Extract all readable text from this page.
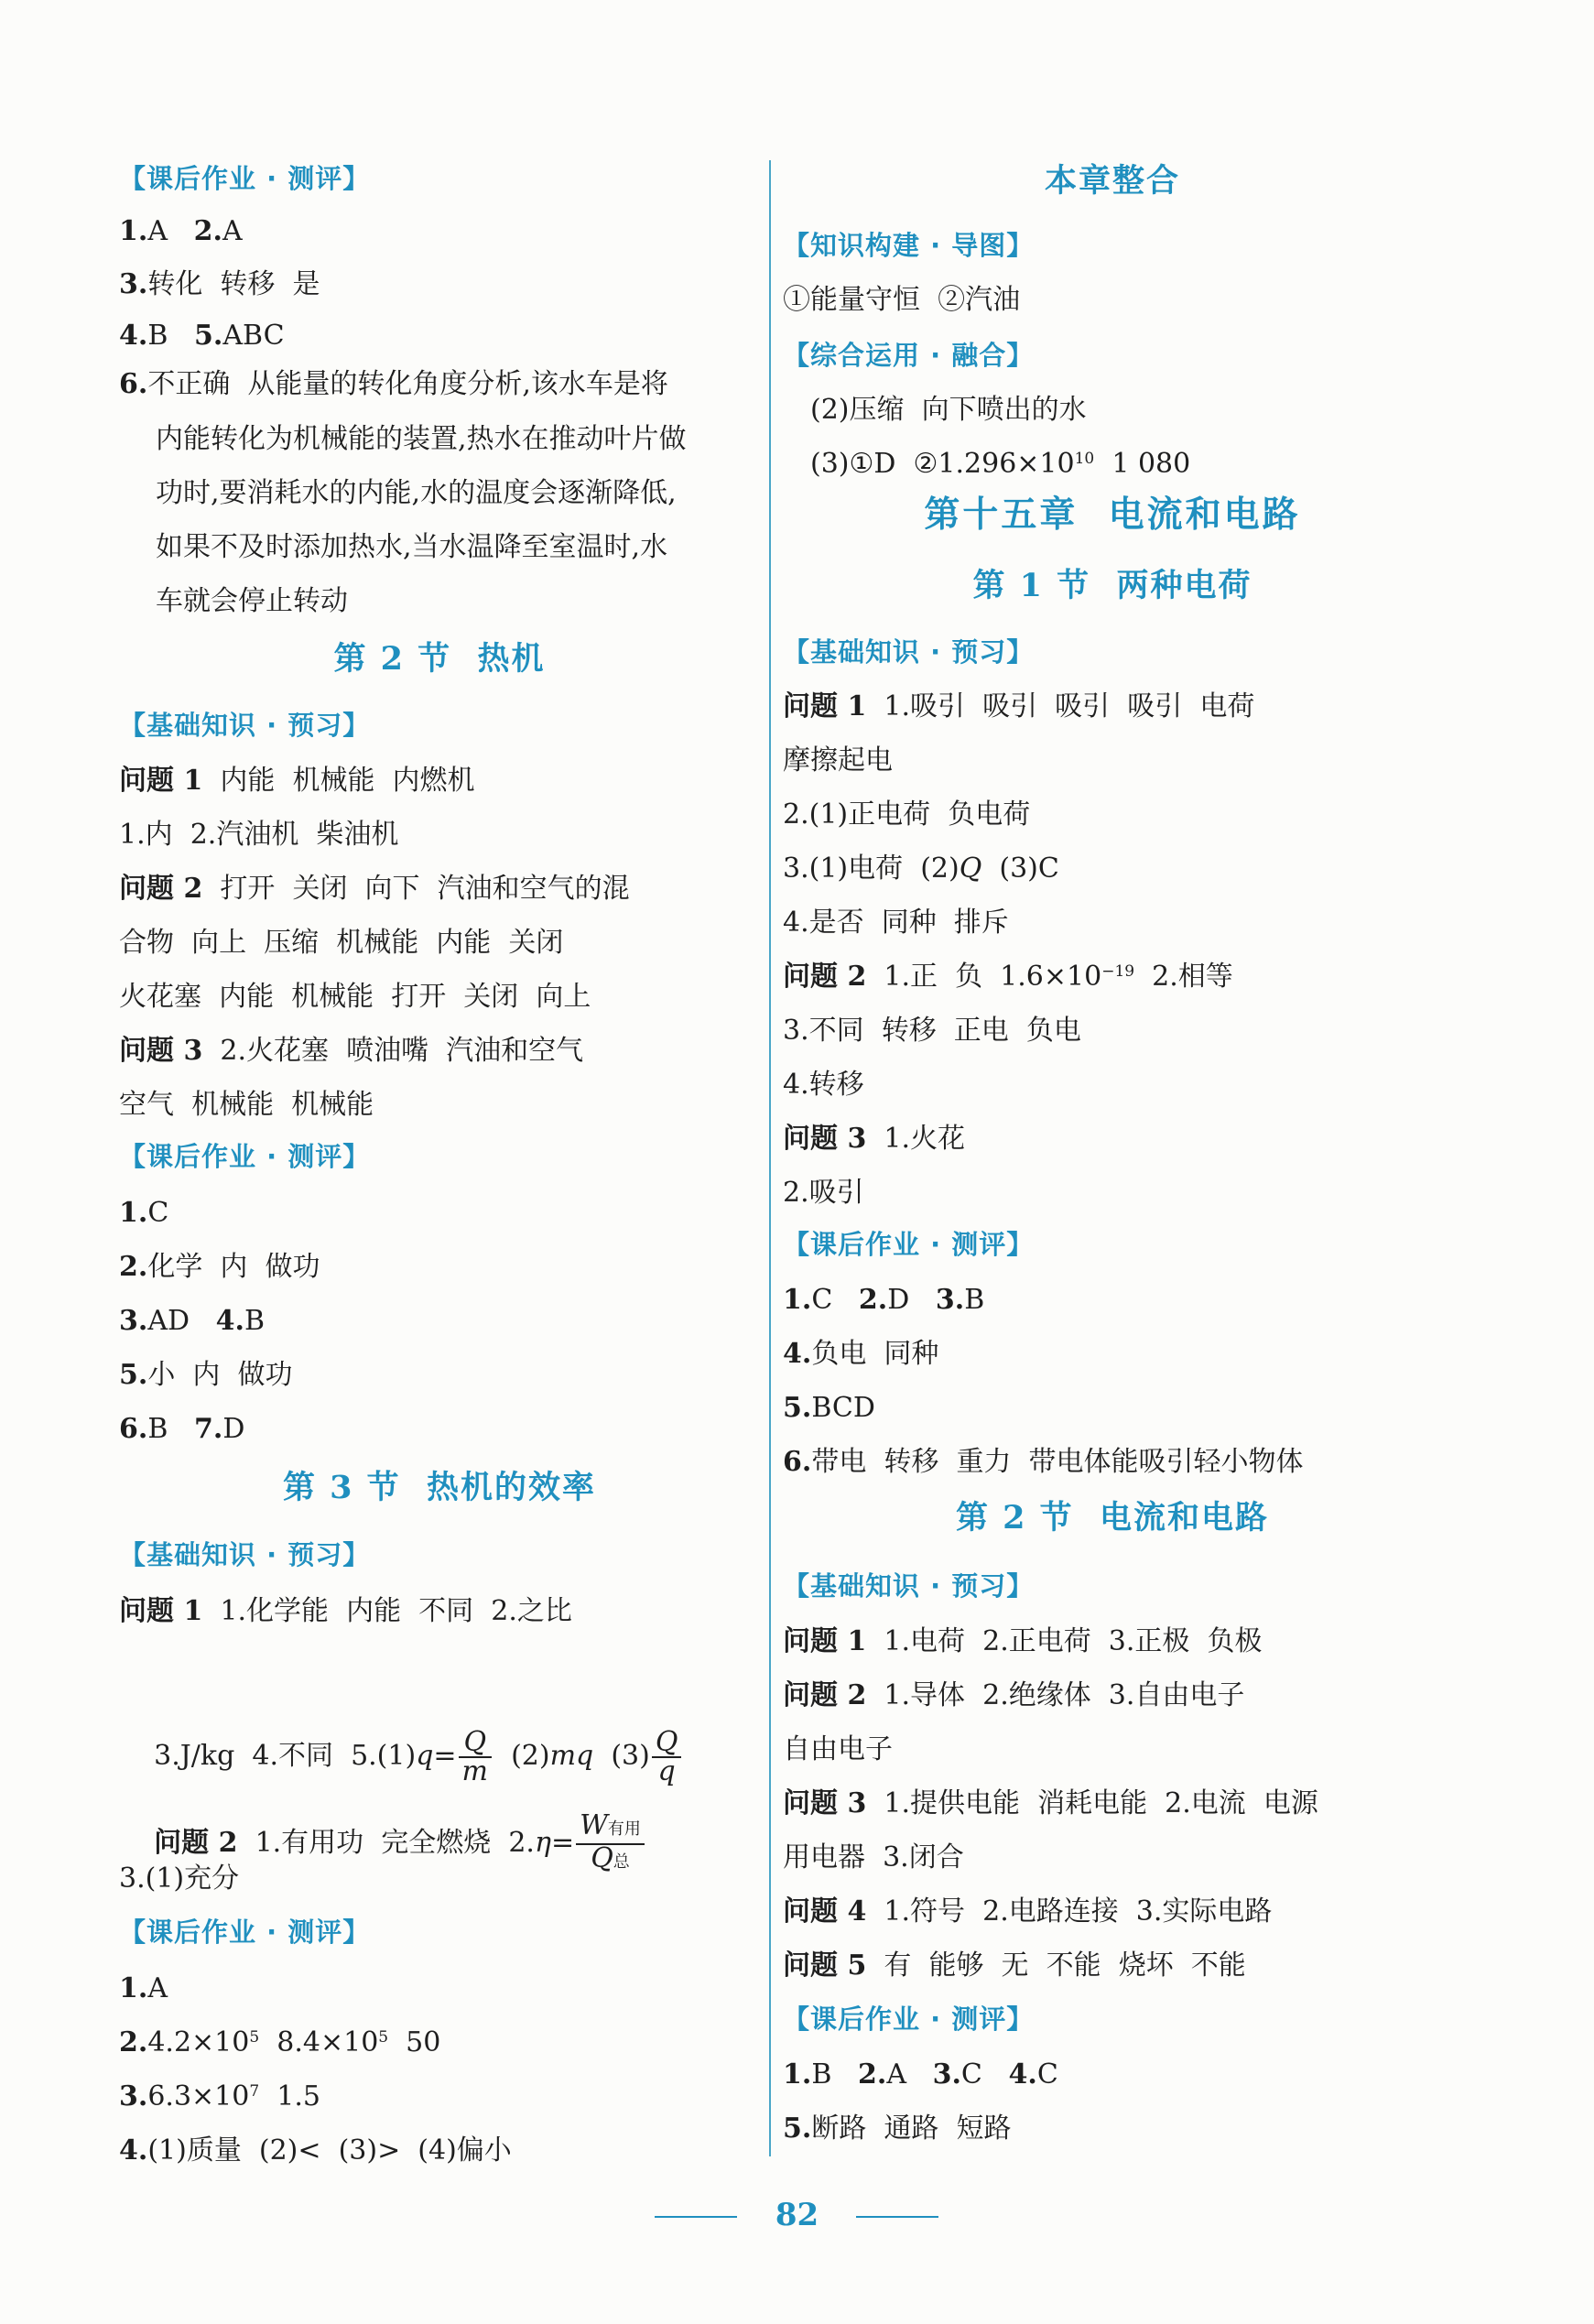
【课后作业 · 测评】
1.A 2.A
3.转化  转移  是
4.B 5.ABC
6.不正确  从能量的转化角度分析,该水车是将
内能转化为机械能的装置,热水在推动叶片做
功时,要消耗水的内能,水的温度会逐渐降低,
如果不及时添加热水,当水温降至室温时,水
车就会停止转动
第 2 节  热机
【基础知识 · 预习】
问题 1 内能  机械能  内燃机
1.内  2.汽油机  柴油机
问题 2 打开  关闭  向下  汽油和空气的混
合物  向上  压缩  机械能  内能  关闭
火花塞  内能  机械能  打开  关闭  向上
问题 3 2.火花塞  喷油嘴  汽油和空气
空气  机械能  机械能
【课后作业 · 测评】
1.C
2.化学  内  做功
3.AD 4.B
5.小  内  做功
6.B 7.D
第 3 节  热机的效率
【基础知识 · 预习】
问题 1 1.化学能  内能  不同  2.之比

3.J/kg  4.不同  $5.(1)q= \frac{Q}{m} (2)mq$ $(3) \frac{Q}{q}$

问题 2 1.有用功  完全燃烧  $2.\eta= \frac{\text{W有用}}{\text{Q总}}$

3.(1)充分
【课后作业 · 测评】
1.A
$2.4.2\times 10^5$  $8.4\times 10^5$  50
$3.6.3\times 10^7$  1.5
4.(1)质量  (2)<  (3)>  (4)偏小
本章整合
【知识构建 · 导图】
①能量守恒  ②汽油
【综合运用 · 融合】
(2)压缩  向下喷出的水
(3)①D  $②1.296\times 10^{10}$  1 080
第十五章  电流和电路
第 1 节  两种电荷
【基础知识 · 预习】
问题 1 1.吸引  吸引  吸引  吸引  电荷
摩擦起电
2.(1)正电荷  负电荷
3.(1)电荷  (2)Q  (3)C
4.是否  同种  排斥
问题 2 1.正  负  $1.6\times 10^{-19}$  2.相等
3.不同  转移  正电  负电
4.转移
问题 3 1.火花
2.吸引
【课后作业 · 测评】
1.C 2.D 3.B
4.负电  同种
5.BCD
6.带电  转移  重力  带电体能吸引轻小物体
第 2 节  电流和电路
【基础知识 · 预习】
问题 1 1.电荷  2.正电荷  3.正极  负极
问题 2 1.导体  2.绝缘体  3.自由电子
自由电子
问题 3 1.提供电能  消耗电能  2.电流  电源
用电器  3.闭合
问题 4 1.符号  2.电路连接  3.实际电路
问题 5 有  能够  无  不能  烧坏  不能
【课后作业 · 测评】
1.B 2.A 3.C 4.C
5.断路  通路  短路
82
